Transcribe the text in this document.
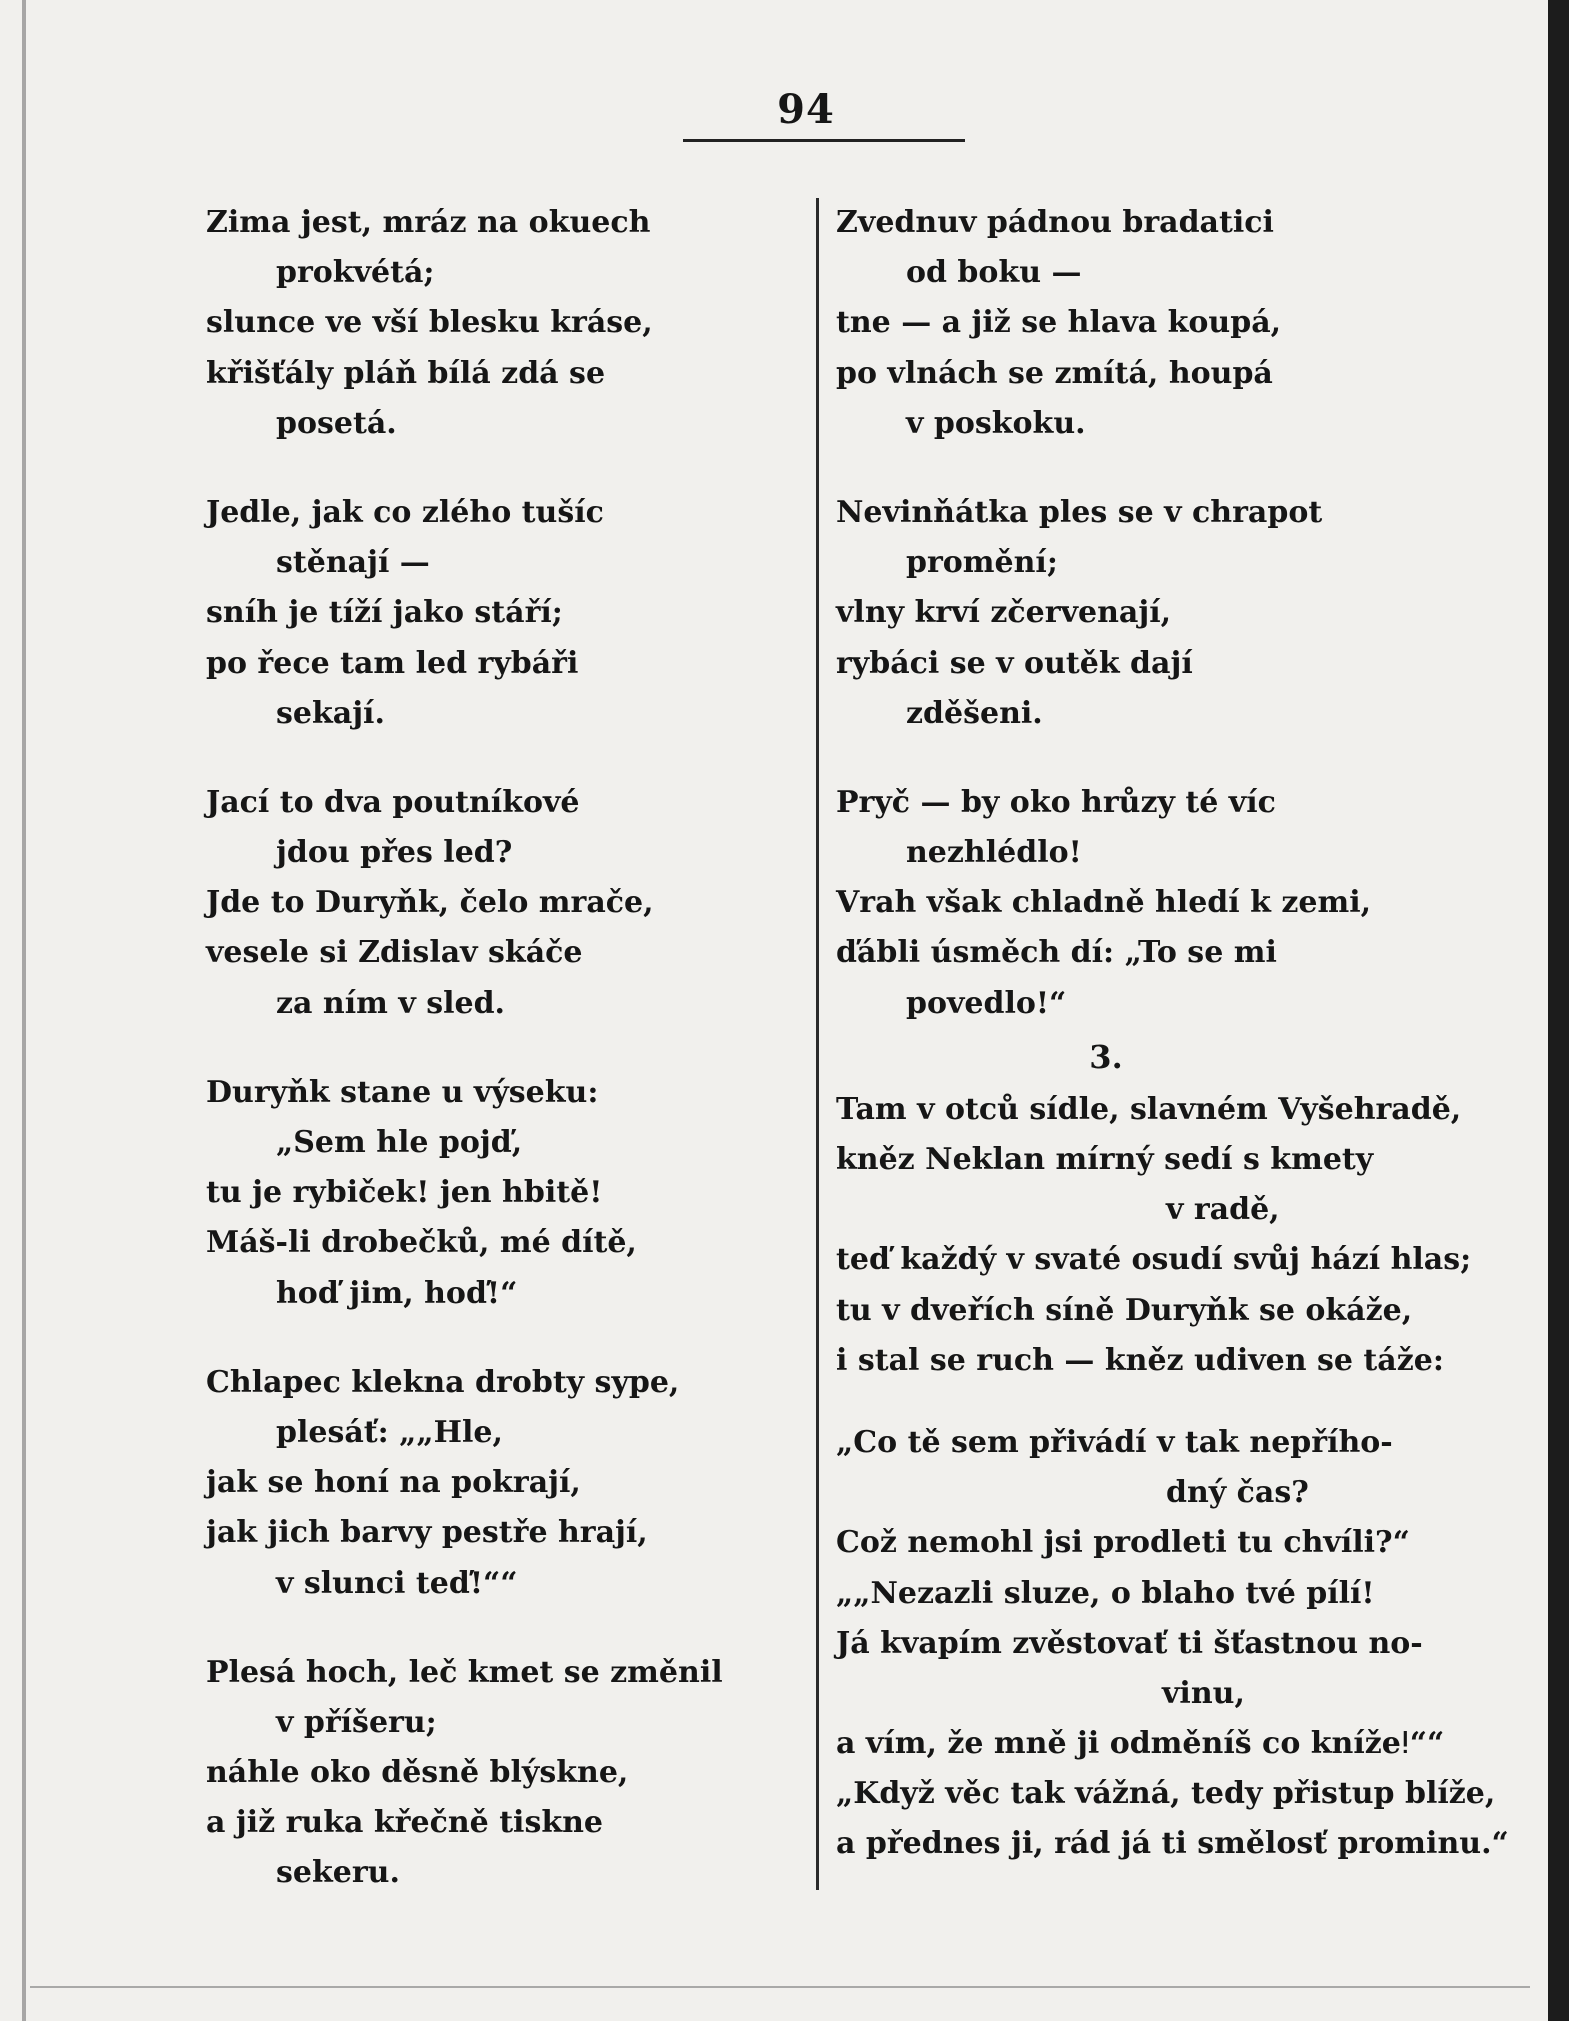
94
Zima jest, mráz na okuech
prokvétá;
slunce ve vší blesku kráse,
křišťály pláň bílá zdá se
posetá.
Jedle, jak co zlého tušíc
stěnají —
sníh je tíží jako stáří;
po řece tam led rybáři
sekají.
Jací to dva poutníkové
jdou přes led?
Jde to Duryňk, čelo mrače,
vesele si Zdislav skáče
za ním v sled.
Duryňk stane u výseku:
„Sem hle pojď,
tu je rybiček! jen hbitě!
Máš-li drobečků, mé dítě,
hoď jim, hoď!“
Chlapec klekna drobty sype,
plesáť: „„Hle,
jak se honí na pokrají,
jak jich barvy pestře hrají,
v slunci teď!““
Plesá hoch, leč kmet se změnil
v příšeru;
náhle oko děsně blýskne,
a již ruka křečně tiskne
sekeru.
Zvednuv pádnou bradatici
od boku —
tne — a již se hlava koupá,
po vlnách se zmítá, houpá
v poskoku.
Nevinňátka ples se v chrapot
promění;
vlny krví zčervenají,
rybáci se v outěk dají
zděšeni.
Pryč — by oko hrůzy té víc
nezhlédlo!
Vrah však chladně hledí k zemi,
ďábli úsměch dí: „To se mi
povedlo!“
3.
Tam v otců sídle, slavném Vyšehradě,
kněz Neklan mírný sedí s kmety
v radě,
teď každý v svaté osudí svůj hází hlas;
tu v dveřích síně Duryňk se okáže,
i stal se ruch — kněz udiven se táže:
„Co tě sem přivádí v tak nepřího-
dný čas?
Což nemohl jsi prodleti tu chvíli?“
„„Nezazli sluze, o blaho tvé pílí!
Já kvapím zvěstovať ti šťastnou no-
vinu,
a vím, že mně ji odměníš co knížeǃ““
„Když věc tak vážná, tedy přistup blíže,
a přednes ji, rád já ti smělosť prominu.“
